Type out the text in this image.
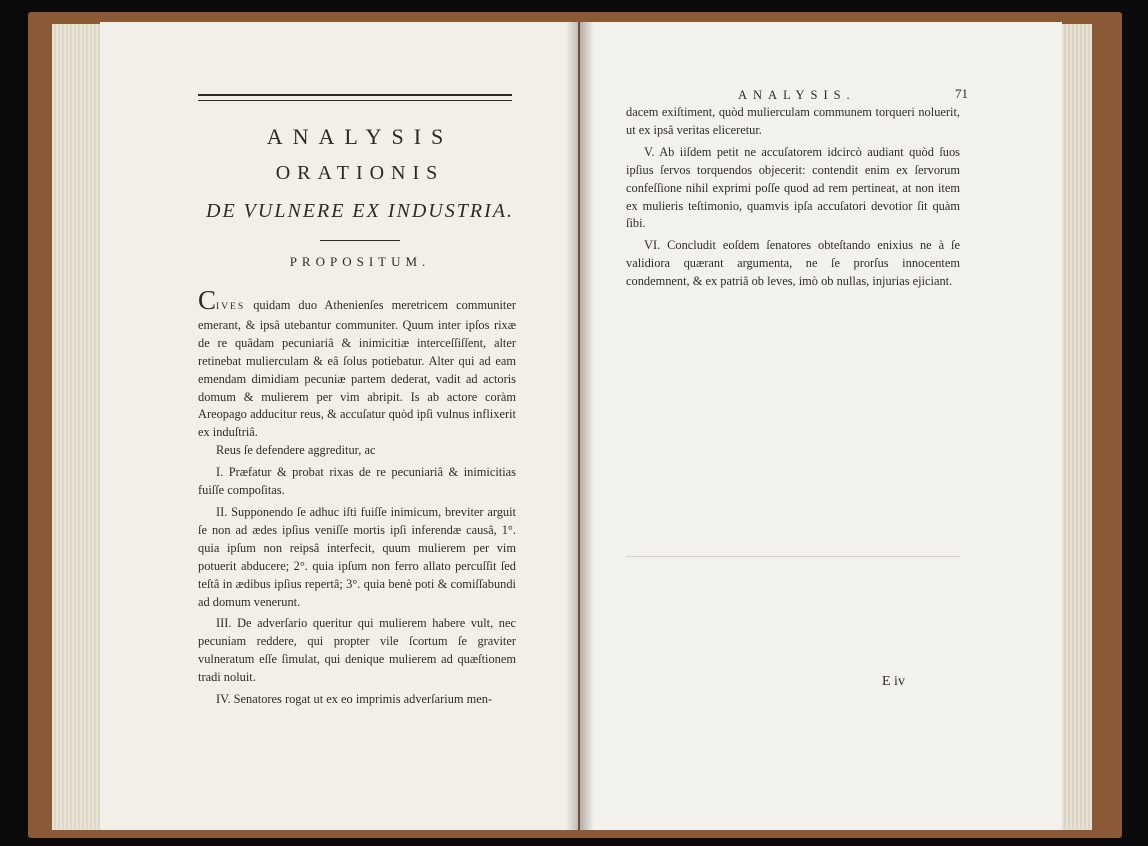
ANALYSIS
ORATIONIS
DE VULNERE EX INDUSTRIA.
PROPOSITUM.

CIVES quidam duo Athenienſes meretricem communiter emerant, & ipsâ utebantur communiter. Quum inter ipſos rixæ de re quâdam pecuniariâ & inimicitiæ interceſſiſſent, alter retinebat mulierculam & eâ ſolus potiebatur. Alter qui ad eam emendam dimidiam pecuniæ partem dederat, vadit ad actoris domum & mulierem per vim abripit. Is ab actore coràm Areopago adducitur reus, & accuſatur quòd ipſi vulnus inflixerit ex induſtriâ.

Reus ſe defendere aggreditur, ac

I. Præfatur & probat rixas de re pecuniariâ & inimicitias fuiſſe compoſitas.

II. Supponendo ſe adhuc iſti fuiſſe inimicum, breviter arguit ſe non ad ædes ipſius veniſſe mortis ipſi inferendæ causâ, 1°. quia ipſum non reipsâ interfecit, quum mulierem per vim potuerit abducere; 2°. quia ipſum non ferro allato percuſſit ſed teſtâ in ædibus ipſius repertâ; 3°. quia benè poti & comiſſabundi ad domum venerunt.

III. De adverſario queritur qui mulierem habere vult, nec pecuniam reddere, qui propter vile ſcortum ſe graviter vulneratum eſſe ſimulat, qui denique mulierem ad quæſtionem tradi noluit.

IV. Senatores rogat ut ex eo imprimis adverſarium men-

ANALYSIS.	71

dacem exiſtiment, quòd mulierculam communem torqueri noluerit, ut ex ipsâ veritas eliceretur.

V. Ab iiſdem petit ne accuſatorem idcircò audiant quòd ſuos ipſius ſervos torquendos objecerit: contendit enim ex ſervorum confeſſione nihil exprimi poſſe quod ad rem pertineat, at non item ex mulieris teſtimonio, quamvis ipſa accuſatori devotior ſit quàm ſibi.

VI. Concludit eoſdem ſenatores obteſtando enixius ne à ſe validiora quærant argumenta, ne ſe prorſus innocentem condemnent, & ex patriâ ob leves, imò ob nullas, injurias ejiciant.

E iv
